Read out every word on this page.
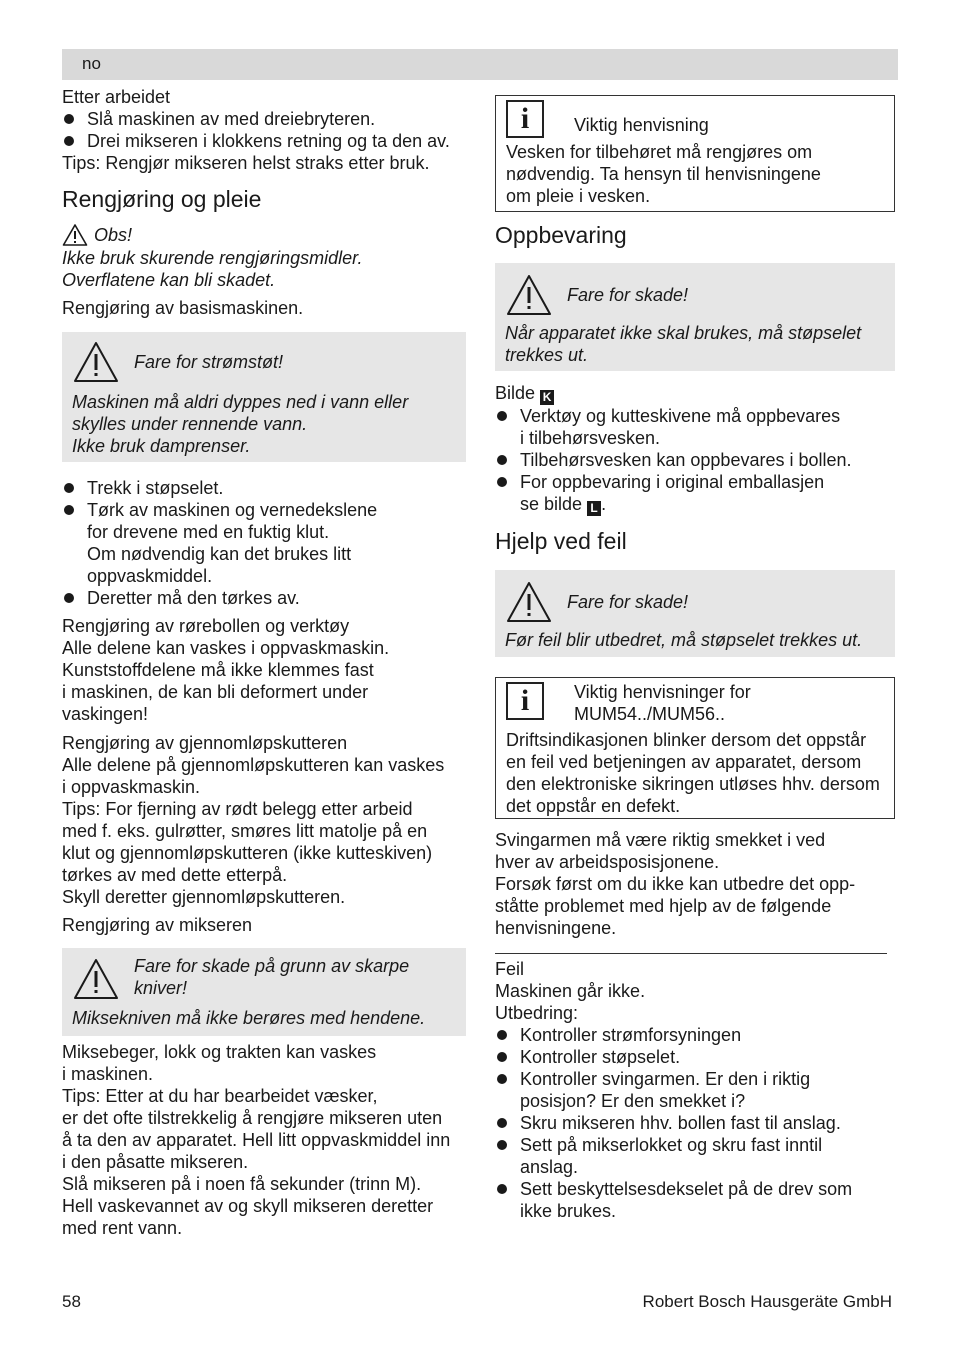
no

Etter arbeidet

Slå maskinen av med dreiebryteren.
Drei mikseren i klokkens retning og ta den av.

Tips: Rengjør mikseren helst straks etter bruk.

Rengjøring og pleie
Obs!

Ikke bruk skurende rengjøringsmidler.

Overflatene kan bli skadet.

Rengjøring av basismaskinen.

Fare for strømstøt!

Maskinen må aldri dyppes ned i vann eller

skylles under rennende vann.

Ikke bruk damprenser.

Trekk i støpselet.
Tørk av maskinen og vernedekslene
for drevene med en fuktig klut.
Om nødvendig kan det brukes litt
oppvaskmiddel.
Deretter må den tørkes av.

Rengjøring av rørebollen og verktøy

Alle delene kan vaskes i oppvaskmaskin.

Kunststoffdelene må ikke klemmes fast

i maskinen, de kan bli deformert under

vaskingen!

Rengjøring av gjennomløpskutteren

Alle delene på gjennomløpskutteren kan vaskes

i oppvaskmaskin.

Tips: For fjerning av rødt belegg etter arbeid

med f. eks. gulrøtter, smøres litt matolje på en

klut og gjennomløpskutteren (ikke kutteskiven)

tørkes av med dette etterpå.

Skyll deretter gjennomløpskutteren.

Rengjøring av mikseren

Fare for skade på grunn av skarpe
kniver!

Miksekniven må ikke berøres med hendene.

Miksebeger, lokk og trakten kan vaskes

i maskinen.

Tips: Etter at du har bearbeidet væsker,

er det ofte tilstrekkelig å rengjøre mikseren uten

å ta den av apparatet. Hell litt oppvaskmiddel inn

i den påsatte mikseren.

Slå mikseren på i noen få sekunder (trinn M).

Hell vaskevannet av og skyll mikseren deretter

med rent vann.

i	Viktig henvisning

Vesken for tilbehøret må rengjøres om

nødvendig. Ta hensyn til henvisningene

om pleie i vesken.

Oppbevaring
Fare for skade!

Når apparatet ikke skal brukes, må støpselet

trekkes ut.

Bilde K

Verktøy og kutteskivene må oppbevares
i tilbehørsvesken.
Tilbehørsvesken kan oppbevares i bollen.
For oppbevaring i original emballasjen
se bilde L .
Hjelp ved feil
Fare for skade!

Før feil blir utbedret, må støpselet trekkes ut.

i	Viktig henvisninger for
MUM54../MUM56..

Driftsindikasjonen blinker dersom det oppstår

en feil ved betjeningen av apparatet, dersom

den elektroniske sikringen utløses hhv. dersom

det oppstår en defekt.

Svingarmen må være riktig smekket i ved

hver av arbeidsposisjonene.

Forsøk først om du ikke kan utbedre det opp-

ståtte problemet med hjelp av de følgende

henvisningene.

Feil

Maskinen går ikke.

Utbedring:

Kontroller strømforsyningen
Kontroller støpselet.
Kontroller svingarmen. Er den i riktig
posisjon? Er den smekket i?
Skru mikseren hhv. bollen fast til anslag.
Sett på mikserlokket og skru fast inntil
anslag.
Sett beskyttelsesdekselet på de drev som
ikke brukes.
58	Robert Bosch Hausgeräte GmbH
